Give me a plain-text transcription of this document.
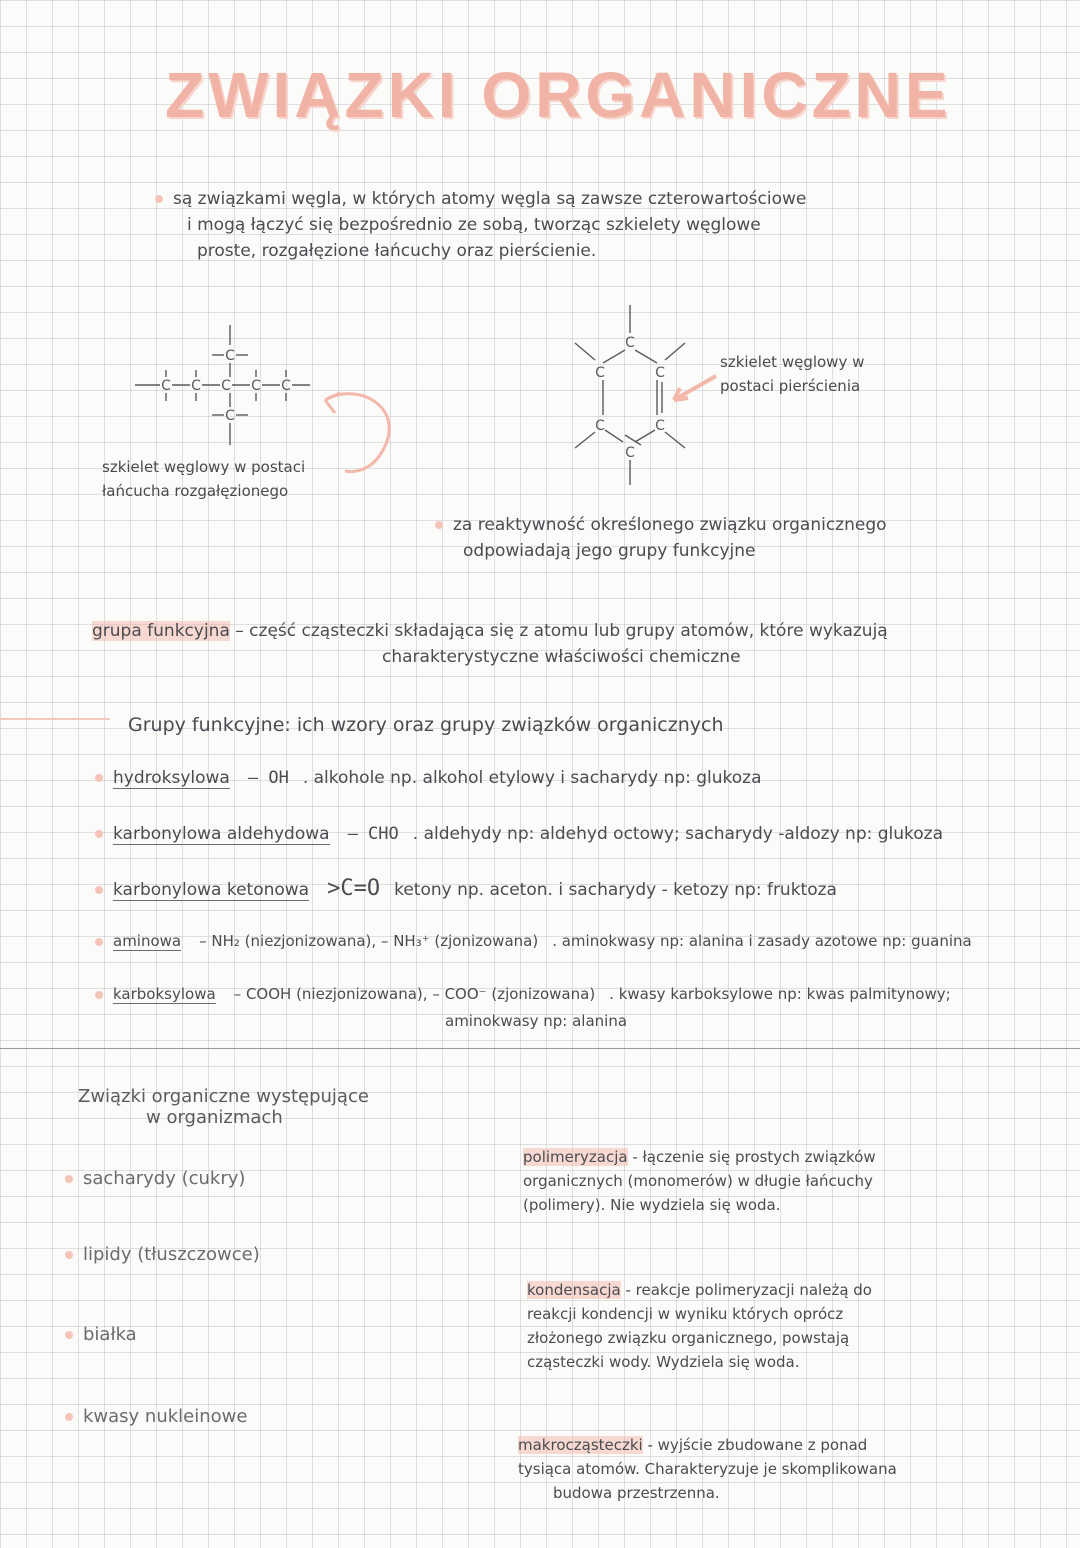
ZWIĄZKI ORGANICZNE
są związkami węgla, w których atomy węgla są zawsze czterowartościowe
i mogą łączyć się bezpośrednio ze sobą, tworząc szkielety węglowe
proste, rozgałęzione łańcuchy oraz pierścienie.
C
C C C C C
C
szkielet węglowy w postaci
łańcucha rozgałęzionego
C
C	C
C	C
C
szkielet węglowy w
postaci pierścienia
za reaktywność określonego związku organicznego
odpowiadają jego grupy funkcyjne
grupa funkcyjna – część cząsteczki składająca się z atomu lub grupy atomów, które wykazują
charakterystyczne właściwości chemiczne
Grupy funkcyjne: ich wzory oraz grupy związków organicznych
hydroksylowa – OH . alkohole np. alkohol etylowy i sacharydy np: glukoza
karbonylowa aldehydowa – CHO . aldehydy np: aldehyd octowy; sacharydy -aldozy np: glukoza
karbonylowa ketonowa >C=O ketony np. aceton. i sacharydy - ketozy np: fruktoza
aminowa – NH₂ (niezjonizowana), – NH₃⁺ (zjonizowana) . aminokwasy np: alanina i zasady azotowe np: guanina
karboksylowa – COOH (niezjonizowana), – COO⁻ (zjonizowana) . kwasy karboksylowe np: kwas palmitynowy;
aminokwasy np: alanina
Związki organiczne występujące
w organizmach
sacharydy (cukry)
lipidy (tłuszczowce)
białka
kwasy nukleinowe
polimeryzacja - łączenie się prostych związków
organicznych (monomerów) w długie łańcuchy
(polimery). Nie wydziela się woda.
kondensacja - reakcje polimeryzacji należą do
reakcji kondencji w wyniku których oprócz
złożonego związku organicznego, powstają
cząsteczki wody. Wydziela się woda.
makrocząsteczki - wyjście zbudowane z ponad
tysiąca atomów. Charakteryzuje je skomplikowana
budowa przestrzenna.
